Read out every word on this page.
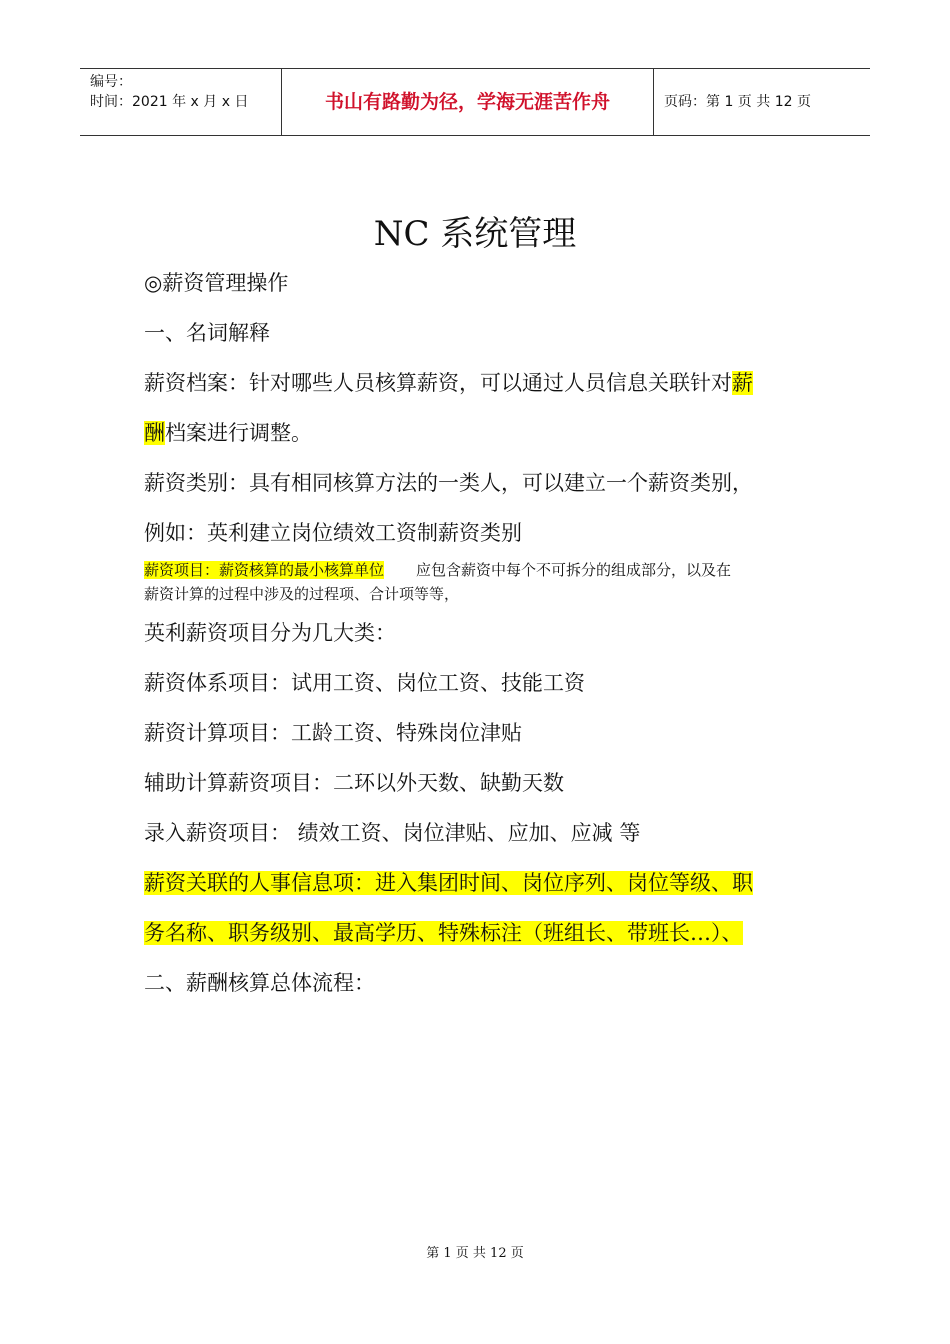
编号：
时间：2021 年 x 月 x 日	书山有路勤为径，学海无涯苦作舟	页码：第 1 页 共 12 页
NC 系统管理
◎薪资管理操作
一、名词解释
薪资档案：针对哪些人员核算薪资，可以通过人员信息关联针对薪
酬档案进行调整。
薪资类别：具有相同核算方法的一类人，可以建立一个薪资类别，
例如：英利建立岗位绩效工资制薪资类别
薪资项目：薪资核算的最小核算单位 应包含薪资中每个不可拆分的组成部分，以及在
薪资计算的过程中涉及的过程项、合计项等等，
英利薪资项目分为几大类：
薪资体系项目：试用工资、岗位工资、技能工资
薪资计算项目：工龄工资、特殊岗位津贴
辅助计算薪资项目：二环以外天数、缺勤天数
录入薪资项目： 绩效工资、岗位津贴、应加、应减 等
薪资关联的人事信息项：进入集团时间、岗位序列、岗位等级、职
务名称、职务级别、最高学历、特殊标注（班组长、带班长…）、
二、薪酬核算总体流程：
第 1 页 共 12 页
